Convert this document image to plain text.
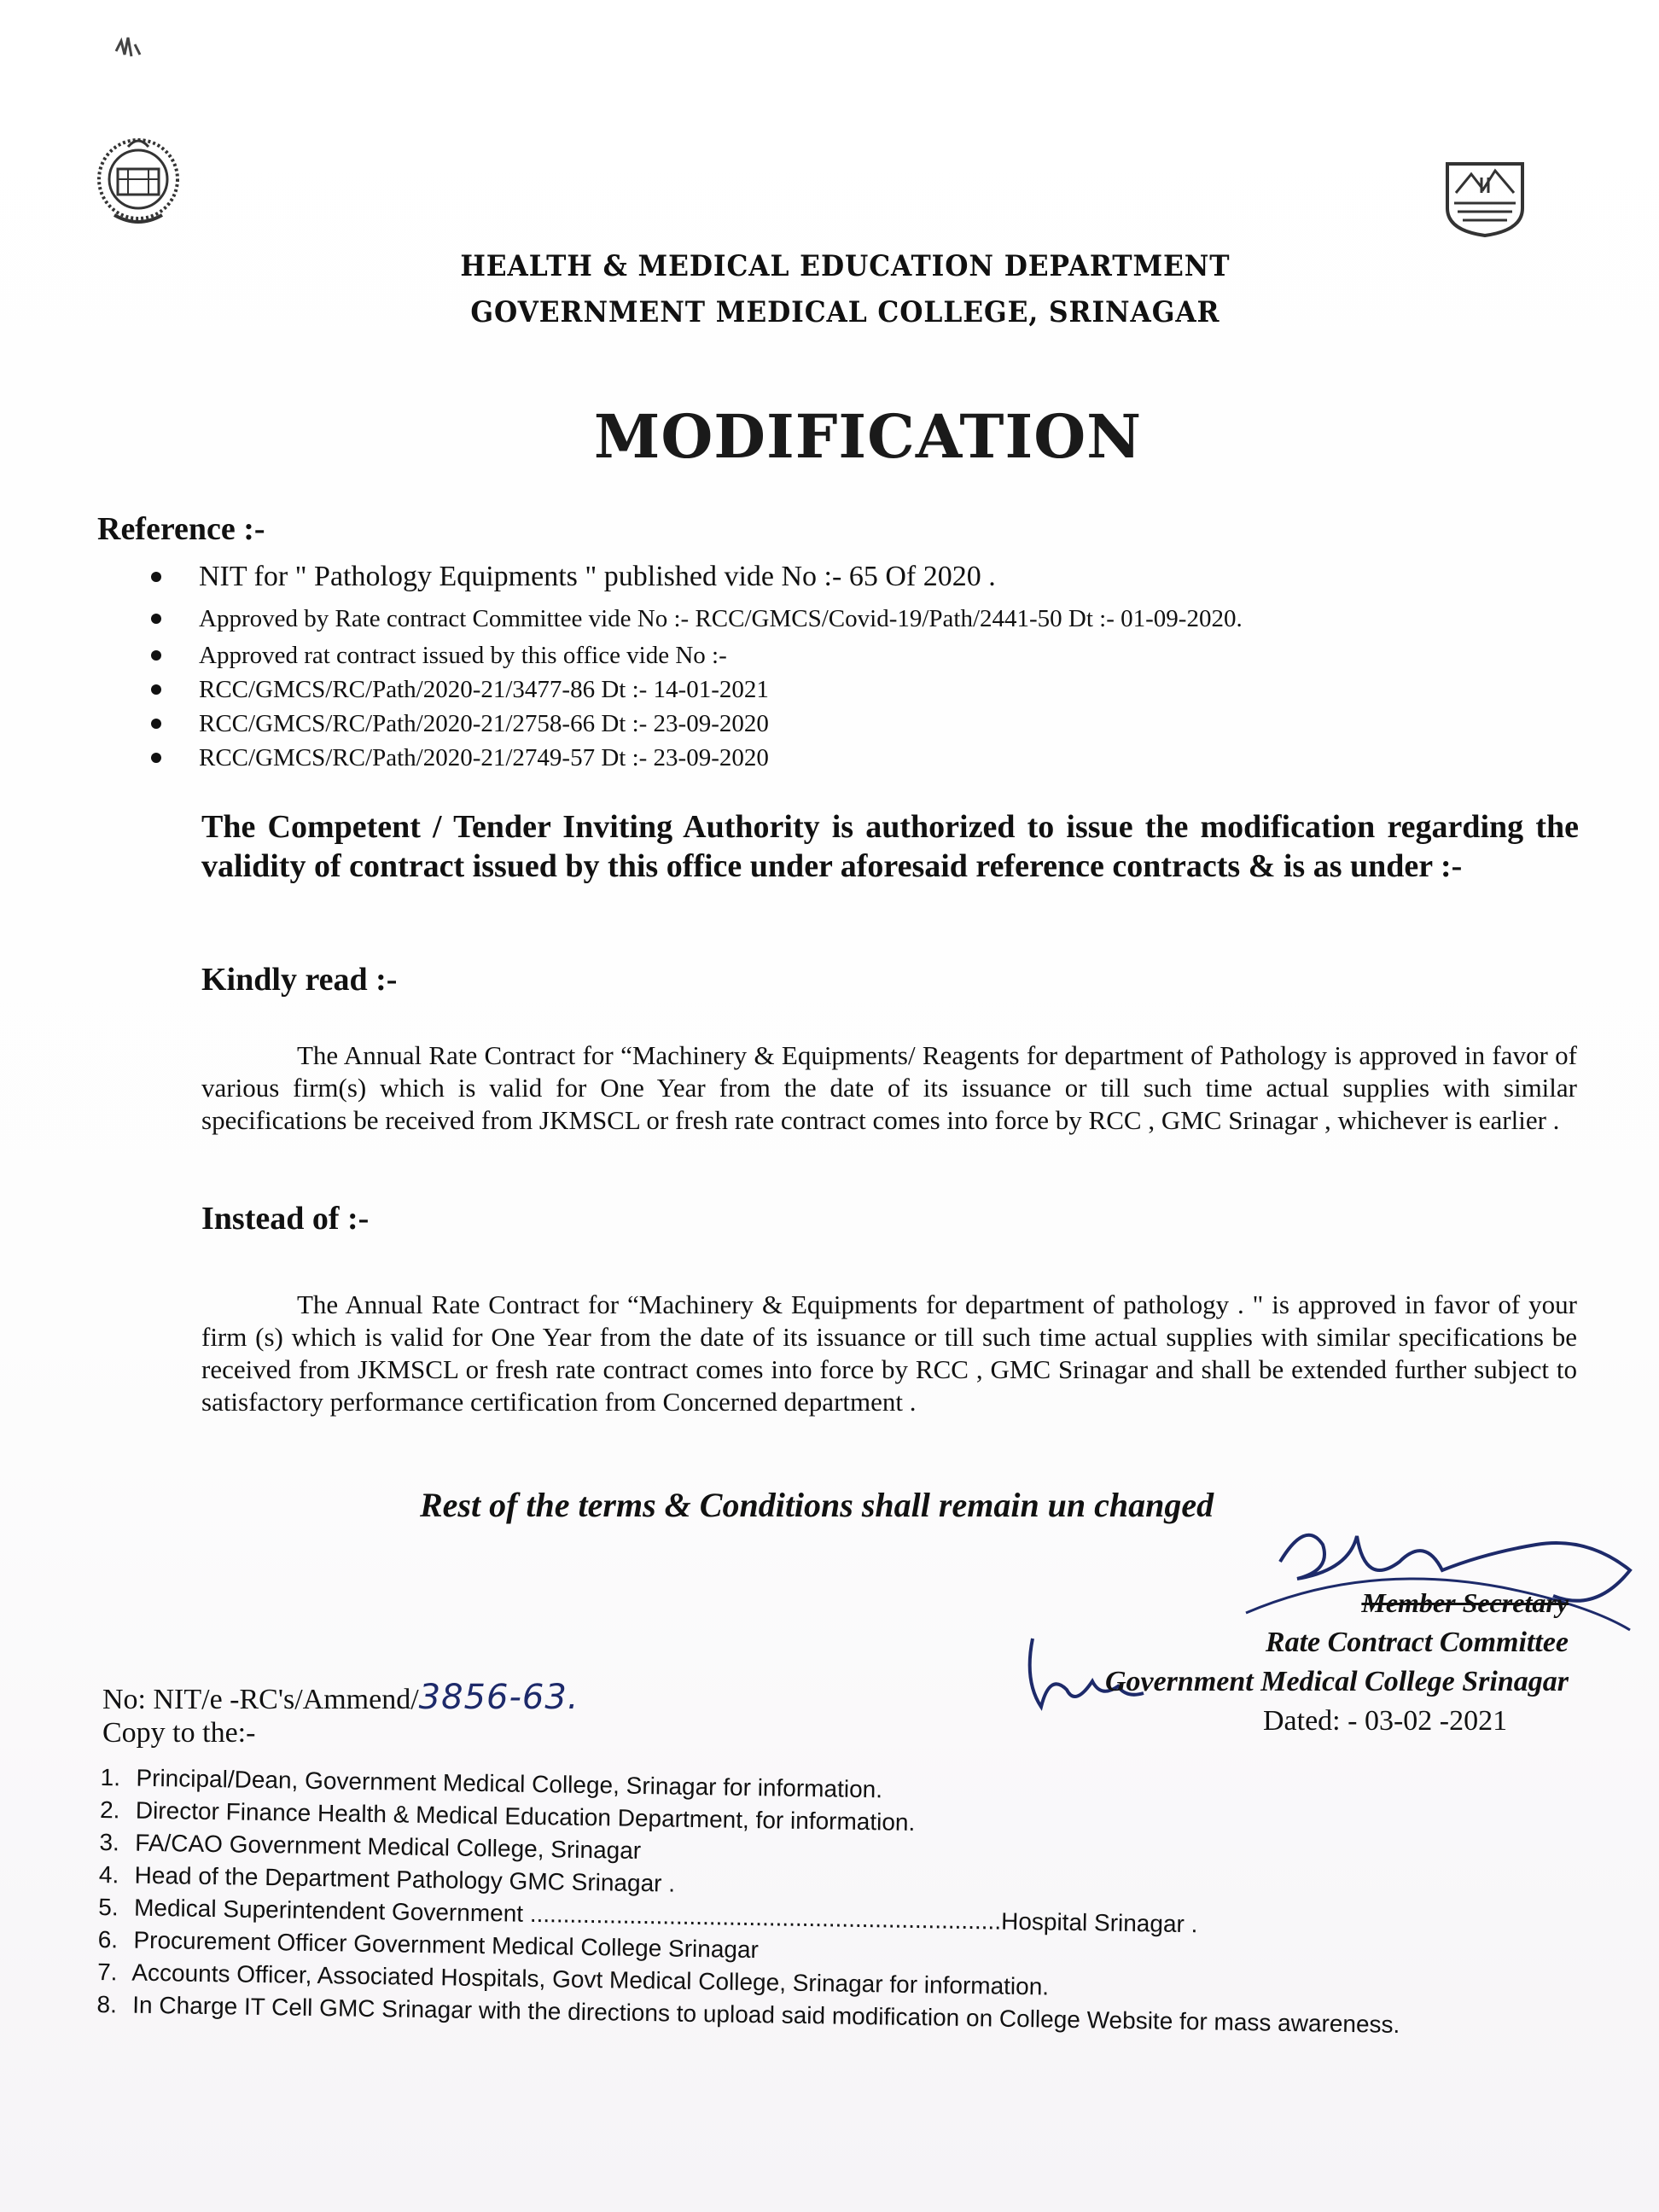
HEALTH & MEDICAL EDUCATION DEPARTMENT
GOVERNMENT MEDICAL COLLEGE, SRINAGAR
MODIFICATION
Reference :-
NIT for " Pathology Equipments " published vide No :- 65 Of 2020 .
Approved by Rate contract Committee vide No :- RCC/GMCS/Covid-19/Path/2441-50 Dt :- 01-09-2020.
Approved rat contract issued by this office vide No :-
RCC/GMCS/RC/Path/2020-21/3477-86 Dt :- 14-01-2021
RCC/GMCS/RC/Path/2020-21/2758-66 Dt :- 23-09-2020
RCC/GMCS/RC/Path/2020-21/2749-57 Dt :- 23-09-2020
The Competent / Tender Inviting Authority is authorized to issue the modification regarding the validity of contract issued by this office under aforesaid reference contracts & is as under :-
Kindly read :-
The Annual Rate Contract for “Machinery & Equipments/ Reagents for department of Pathology is approved in favor of various firm(s) which is valid for One Year from the date of its issuance or till such time actual supplies with similar specifications be received from JKMSCL or fresh rate contract comes into force by RCC , GMC Srinagar , whichever is earlier .
Instead of :-
The Annual Rate Contract for “Machinery & Equipments for department of pathology . " is approved in favor of your firm (s) which is valid for One Year from the date of its issuance or till such time actual supplies with similar specifications be received from JKMSCL or fresh rate contract comes into force by RCC , GMC Srinagar and shall be extended further subject to satisfactory performance certification from Concerned department .
Rest of the terms & Conditions shall remain un changed
Member Secretary
Rate Contract Committee
Government Medical College Srinagar
Dated: - 03-02 -2021
No: NIT/e -RC's/Ammend/3856-63.
Copy to the:-
1. Principal/Dean, Government Medical College, Srinagar for information.
2. Director Finance Health & Medical Education Department, for information.
3. FA/CAO Government Medical College, Srinagar
4. Head of the Department Pathology GMC Srinagar .
5. Medical Superintendent Government .......................................................................Hospital Srinagar .
6. Procurement Officer Government Medical College Srinagar
7. Accounts Officer, Associated Hospitals, Govt Medical College, Srinagar for information.
8. In Charge IT Cell GMC Srinagar with the directions to upload said modification on College Website for mass awareness.
